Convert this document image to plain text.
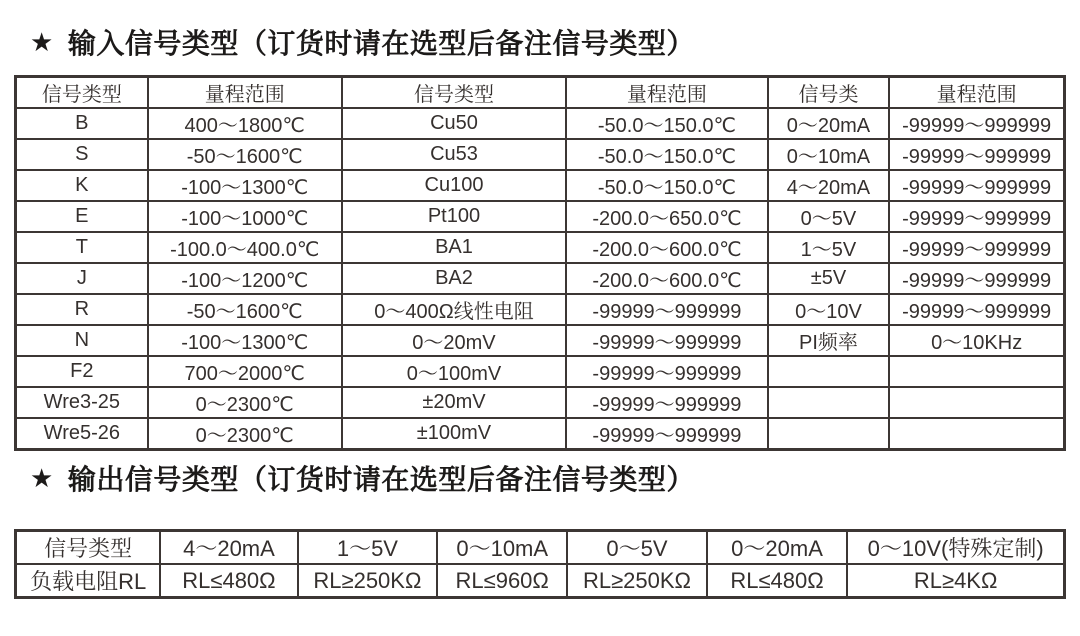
★ 输入信号类型（订货时请在选型后备注信号类型）
信号类型	量程范围	信号类型	量程范围	信号类	量程范围
B	400～1800℃	Cu50	-50.0～150.0℃	0～20mA	-99999～999999
S	-50～1600℃	Cu53	-50.0～150.0℃	0～10mA	-99999～999999
K	-100～1300℃	Cu100	-50.0～150.0℃	4～20mA	-99999～999999
E	-100～1000℃	Pt100	-200.0～650.0℃	0～5V	-99999～999999
T	-100.0～400.0℃	BA1	-200.0～600.0℃	1～5V	-99999～999999
J	-100～1200℃	BA2	-200.0～600.0℃	±5V	-99999～999999
R	-50～1600℃	0～400Ω线性电阻	-99999～999999	0～10V	-99999～999999
N	-100～1300℃	0～20mV	-99999～999999	PI频率	0～10KHz
F2	700～2000℃	0～100mV	-99999～999999		
Wre3-25	0～2300℃	±20mV	-99999～999999		
Wre5-26	0～2300℃	±100mV	-99999～999999		
★ 输出信号类型（订货时请在选型后备注信号类型）
信号类型	4～20mA	1～5V	0～10mA	0～5V	0～20mA	0～10V(特殊定制)
负载电阻RL	RL≤480Ω	RL≥250KΩ	RL≤960Ω	RL≥250KΩ	RL≤480Ω	RL≥4KΩ
